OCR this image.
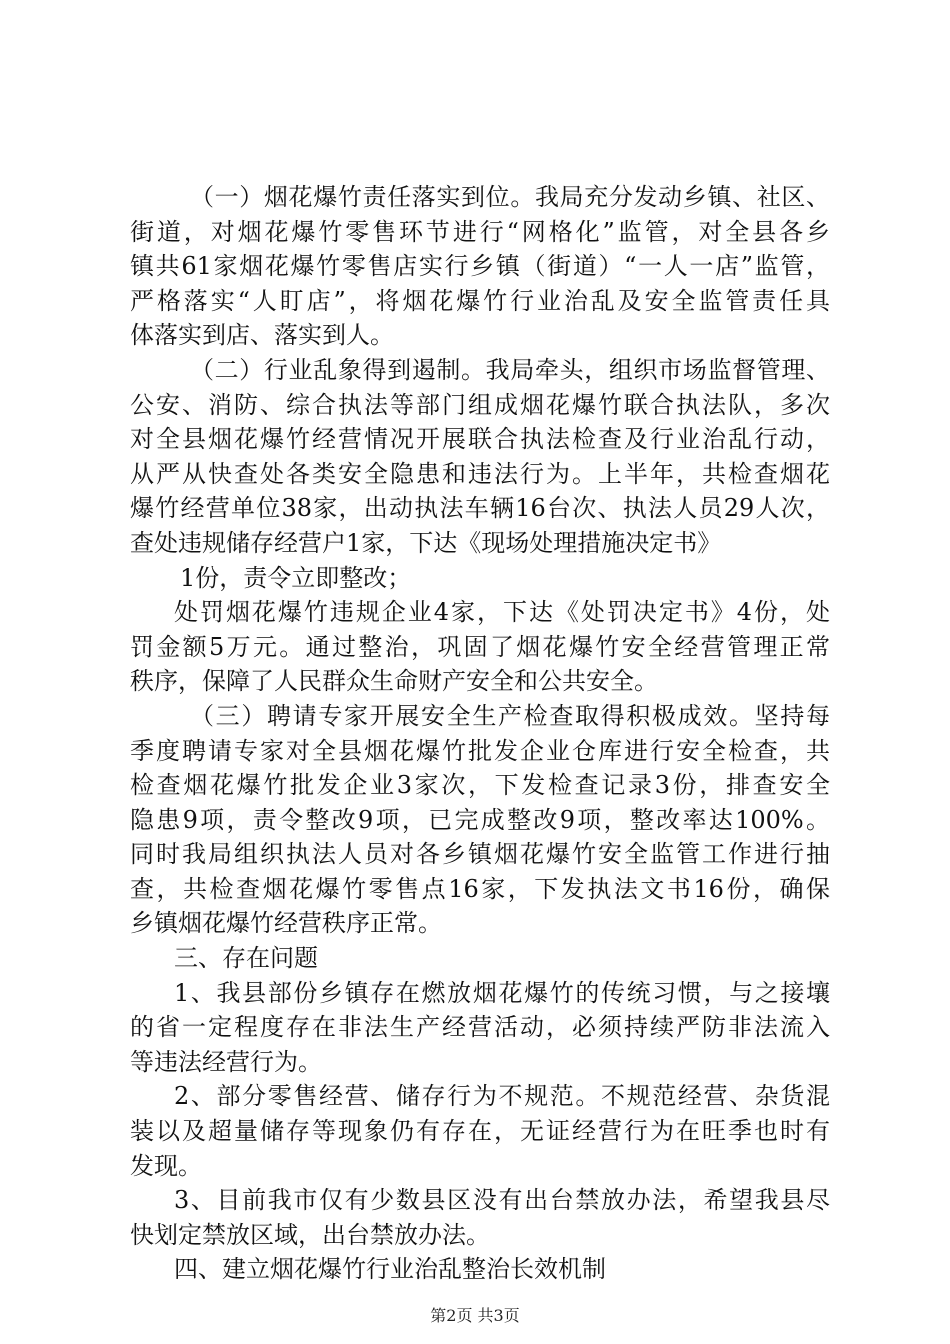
（一）烟花爆竹责任落实到位。我局充分发动乡镇、社区、
街道，对烟花爆竹零售环节进行“网格化”监管，对全县各乡
镇共61家烟花爆竹零售店实行乡镇（街道）“一人一店”监管，
严格落实“人盯店”，将烟花爆竹行业治乱及安全监管责任具
体落实到店、落实到人。
（二）行业乱象得到遏制。我局牵头，组织市场监督管理、
公安、消防、综合执法等部门组成烟花爆竹联合执法队，多次
对全县烟花爆竹经营情况开展联合执法检查及行业治乱行动，
从严从快查处各类安全隐患和违法行为。上半年，共检查烟花
爆竹经营单位38家，出动执法车辆16台次、执法人员29人次，
查处违规储存经营户1家，下达《现场处理措施决定书》
1份，责令立即整改；
处罚烟花爆竹违规企业4家，下达《处罚决定书》4份，处
罚金额5万元。通过整治，巩固了烟花爆竹安全经营管理正常
秩序，保障了人民群众生命财产安全和公共安全。
（三）聘请专家开展安全生产检查取得积极成效。坚持每
季度聘请专家对全县烟花爆竹批发企业仓库进行安全检查，共
检查烟花爆竹批发企业3家次，下发检查记录3份，排查安全
隐患9项，责令整改9项，已完成整改9项，整改率达100%。
同时我局组织执法人员对各乡镇烟花爆竹安全监管工作进行抽
查，共检查烟花爆竹零售点16家，下发执法文书16份，确保
乡镇烟花爆竹经营秩序正常。
三、存在问题
1、我县部份乡镇存在燃放烟花爆竹的传统习惯，与之接壤
的省一定程度存在非法生产经营活动，必须持续严防非法流入
等违法经营行为。
2、部分零售经营、储存行为不规范。不规范经营、杂货混
装以及超量储存等现象仍有存在，无证经营行为在旺季也时有
发现。
3、目前我市仅有少数县区没有出台禁放办法，希望我县尽
快划定禁放区域，出台禁放办法。
四、建立烟花爆竹行业治乱整治长效机制
第2页 共3页
